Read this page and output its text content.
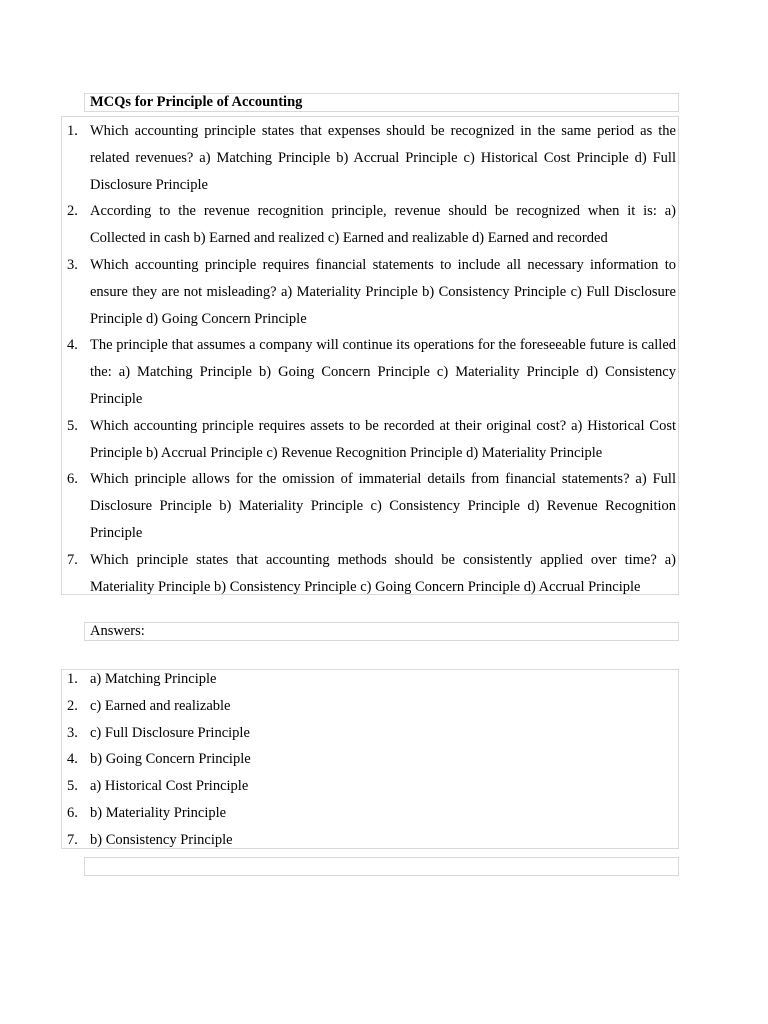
MCQs for Principle of Accounting
1. Which accounting principle states that expenses should be recognized in the same period as the related revenues? a) Matching Principle b) Accrual Principle c) Historical Cost Principle d) Full Disclosure Principle
2. According to the revenue recognition principle, revenue should be recognized when it is: a) Collected in cash b) Earned and realized c) Earned and realizable d) Earned and recorded
3. Which accounting principle requires financial statements to include all necessary information to ensure they are not misleading? a) Materiality Principle b) Consistency Principle c) Full Disclosure Principle d) Going Concern Principle
4. The principle that assumes a company will continue its operations for the foreseeable future is called the: a) Matching Principle b) Going Concern Principle c) Materiality Principle d) Consistency Principle
5. Which accounting principle requires assets to be recorded at their original cost? a) Historical Cost Principle b) Accrual Principle c) Revenue Recognition Principle d) Materiality Principle
6. Which principle allows for the omission of immaterial details from financial statements? a) Full Disclosure Principle b) Materiality Principle c) Consistency Principle d) Revenue Recognition Principle
7. Which principle states that accounting methods should be consistently applied over time? a) Materiality Principle b) Consistency Principle c) Going Concern Principle d) Accrual Principle
Answers:
1. a) Matching Principle
2. c) Earned and realizable
3. c) Full Disclosure Principle
4. b) Going Concern Principle
5. a) Historical Cost Principle
6. b) Materiality Principle
7. b) Consistency Principle
